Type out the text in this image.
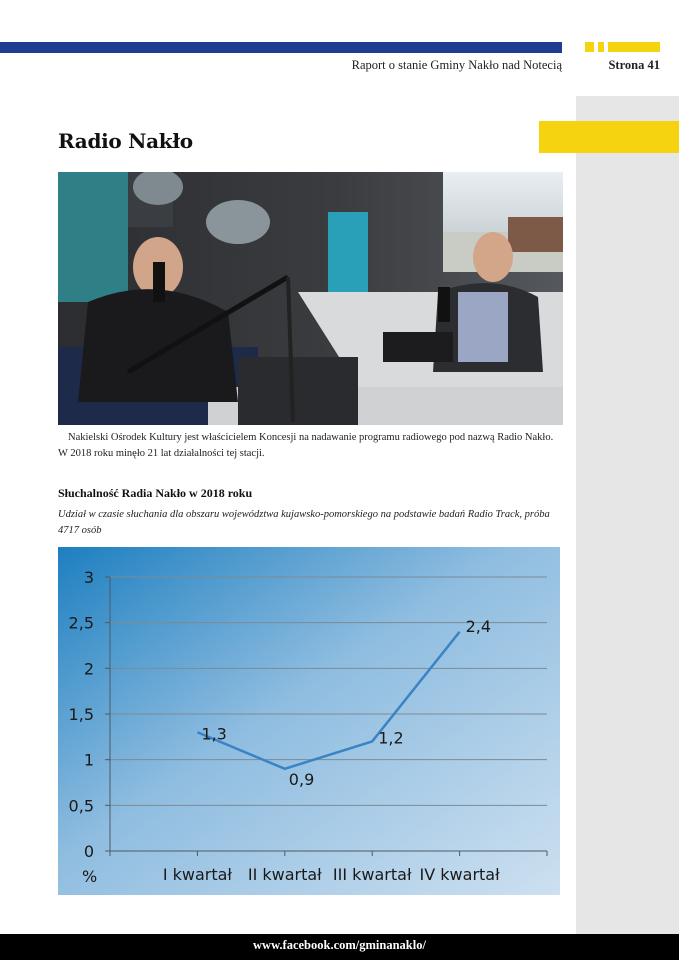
Raport o stanie Gminy Nakło nad Notecią	Strona 41
Radio Nakło
Nakielski Ośrodek Kultury jest właścicielem Koncesji na nadawanie programu radiowego pod nazwą Radio Nakło. W 2018 roku minęło 21 lat działalności tej stacji.
Słuchalność Radia Nakło w 2018 roku
Udział w czasie słuchania dla obszaru województwa kujawsko-pomorskiego na podstawie badań Radio Track, próba 4717 osób
0
0,5
1
1,5
2
2,5
3
I kwartał II kwartał III kwartał IV kwartał
%
1,3
0,9
1,2
2,4
www.facebook.com/gminanaklo/
